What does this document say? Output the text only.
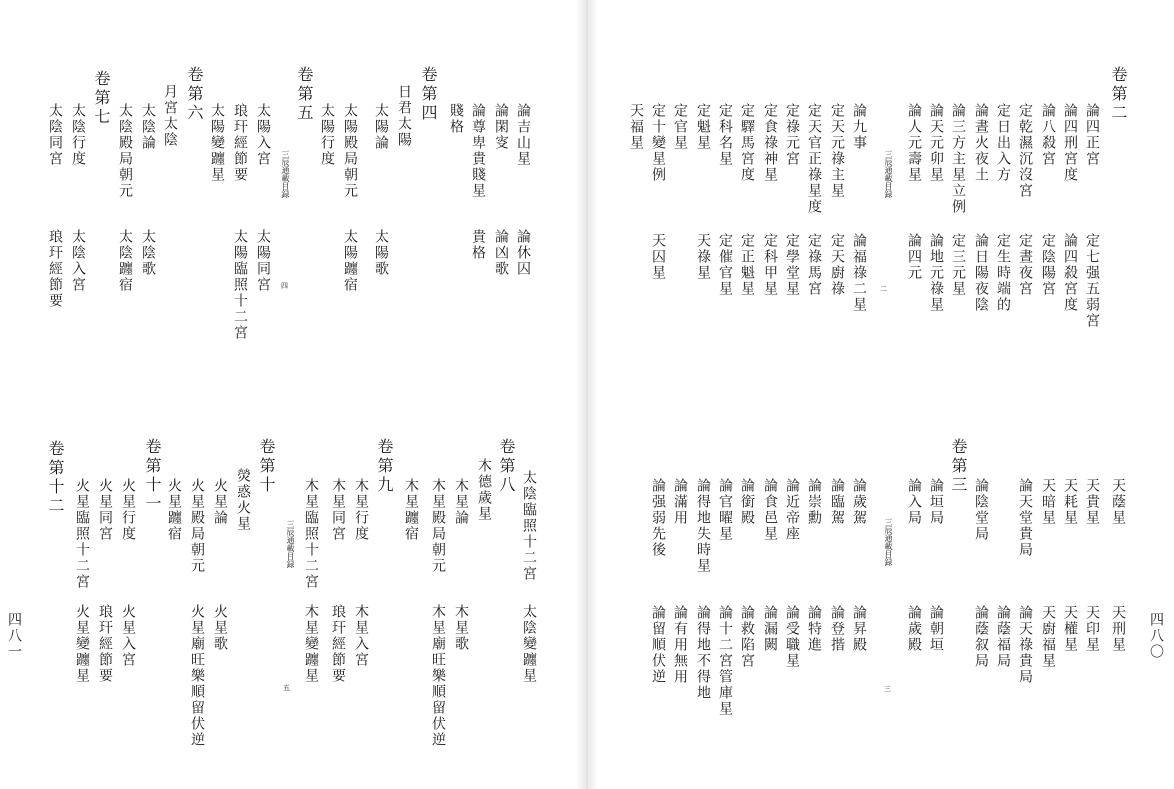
卷第二
論四正宮
論四刑宮度
論八殺宮
定乾濕沉沒宮
定日出入方
論晝火夜土
論三方主星立例
論天元卯星
論人元壽星
定七强五弱宮
論四殺宮度
定陰陽宮
定晝夜宮
定生時端的
論日陽夜陰
定三元星
論地元祿星
論四元
三辰通載目録
二
論九事
定天元祿主星
定天官正祿星度
定祿元宮
定食祿神星
定驛馬宮度
定科名星
定魁星
定官星
定十變星例
天福星
論福祿二星
定天廚祿
定祿馬宮
定學堂星
定科甲星
定正魁星
定催官星
天祿星
天囚星
卷第三
論垣局
論入局	論陰堂局 論天堂貴局
論朝垣
論歲殿	論蔭福局
論蔭叙局 論天祿貴局
天蔭星
天貴星
天耗星
天暗星
天廚福星	天刑星
天印星
天權星
三辰通載目録
三
論歲駕
論臨駕
論崇勳
論近帝座
論食邑星
論銜殿
論官曜星
論得地失時星
論滿用
論强弱先後
論昇殿
論登揩
論特進
論受職星
論漏闕
論救陷宮
論十二宮管庫星
論得地不得地
論有用無用
論留順伏逆	四八〇
論吉山星
論閑叜
論尊卑貴賤星
賤格
論休囚
論凶歌
貴格
卷第四
日君太陽
太陽論
太陽殿局朝元
太陽行度
太陽歌
太陽躔宿
卷第五
三辰通載目録
太陽入宮
琅玕經節要
太陽變躔星
太陽同宮
太陽臨照十二宮	四
卷第六
月宮太陰
太陰論
太陰殿局朝元
太陰歌
太陰躔宿
卷第七
太陰行度
太陰同宮
太陰入宮
琅玕經節要
卷第八
太陰臨照十二宮
木德歲星
木星論
木星殿局朝元
木星躔宿
太陰變躔星
木星歌
木星廟旺樂順留伏逆
卷第九
木星行度
木星同宮
木星臨照十二宮
木星入宮
琅玕經節要
木星變躔星
三辰通載目録
五
卷第十
熒惑火星
火星論
火星殿局朝元
火星歌
火星廟旺樂順留伏逆
卷第十一 火星躔宿
火星行度
火星同宮
火星臨照十二宮
火星入宮
琅玕經節要
火星變躔星
卷第十二
四八一
